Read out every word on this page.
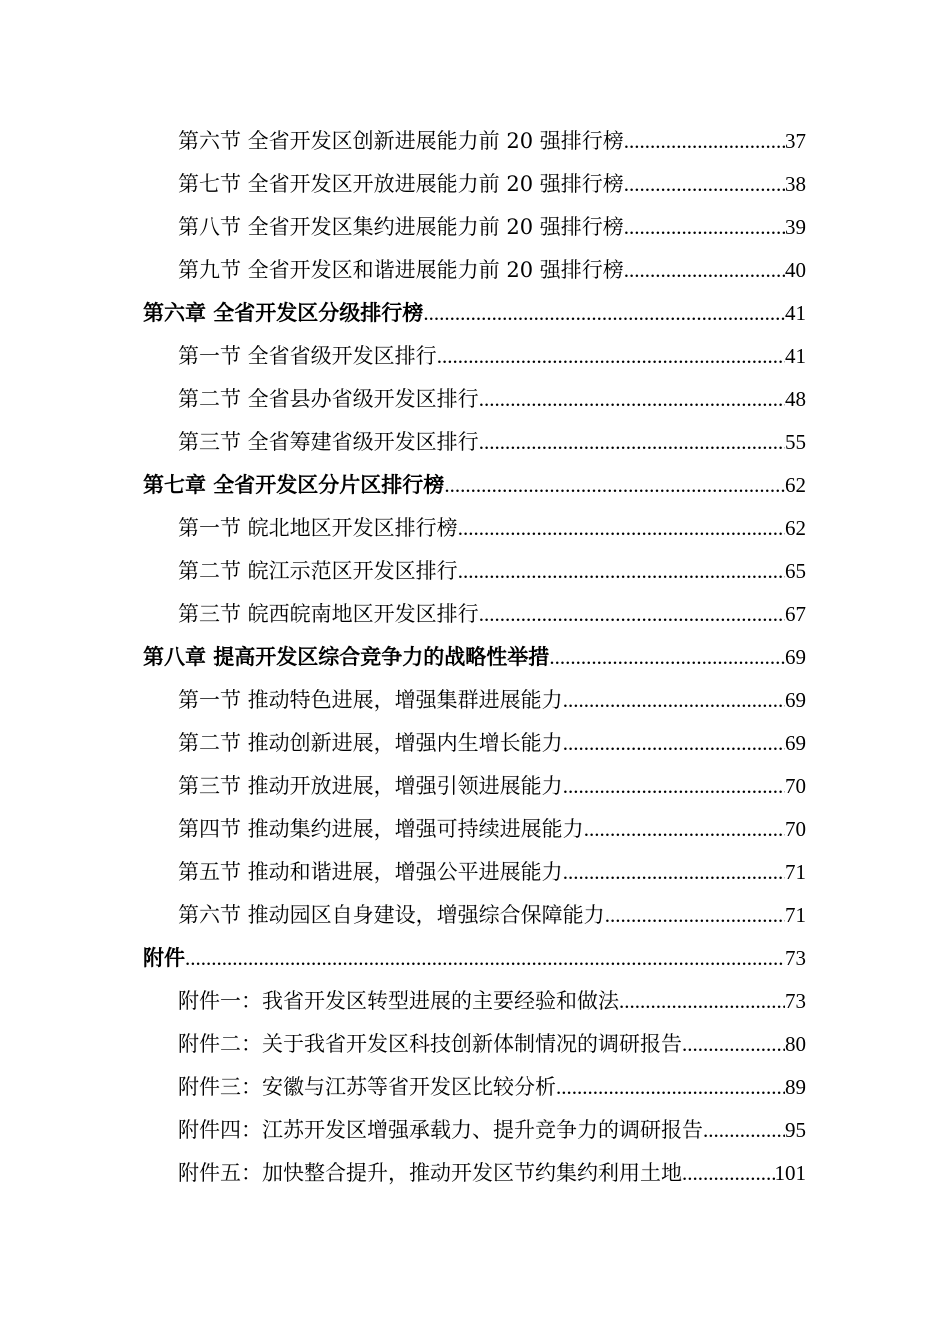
第六节 全省开发区创新进展能力前 20 强排行榜 .....	37
第七节 全省开发区开放进展能力前 20 强排行榜 .....	38
第八节 全省开发区集约进展能力前 20 强排行榜 .....	39
第九节 全省开发区和谐进展能力前 20 强排行榜 .....	40
第六章 全省开发区分级排行榜 .....	41
第一节 全省省级开发区排行 .....	41
第二节 全省县办省级开发区排行 .....	48
第三节 全省筹建省级开发区排行 .....	55
第七章 全省开发区分片区排行榜 .....	62
第一节 皖北地区开发区排行榜 .....	62
第二节 皖江示范区开发区排行 .....	65
第三节 皖西皖南地区开发区排行 .....	67
第八章 提高开发区综合竞争力的战略性举措 .....	69
第一节 推动特色进展，增强集群进展能力 .....	69
第二节 推动创新进展，增强内生增长能力 .....	69
第三节 推动开放进展，增强引领进展能力 .....	70
第四节 推动集约进展，增强可持续进展能力 .....	70
第五节 推动和谐进展，增强公平进展能力 .....	71
第六节 推动园区自身建设，增强综合保障能力 .....	71
附件 .....	73
附件一：我省开发区转型进展的主要经验和做法 .....	73
附件二：关于我省开发区科技创新体制情况的调研报告 .....	80
附件三：安徽与江苏等省开发区比较分析 .....	89
附件四：江苏开发区增强承载力、提升竞争力的调研报告 .....	95
附件五：加快整合提升，推动开发区节约集约利用土地 .....	101
